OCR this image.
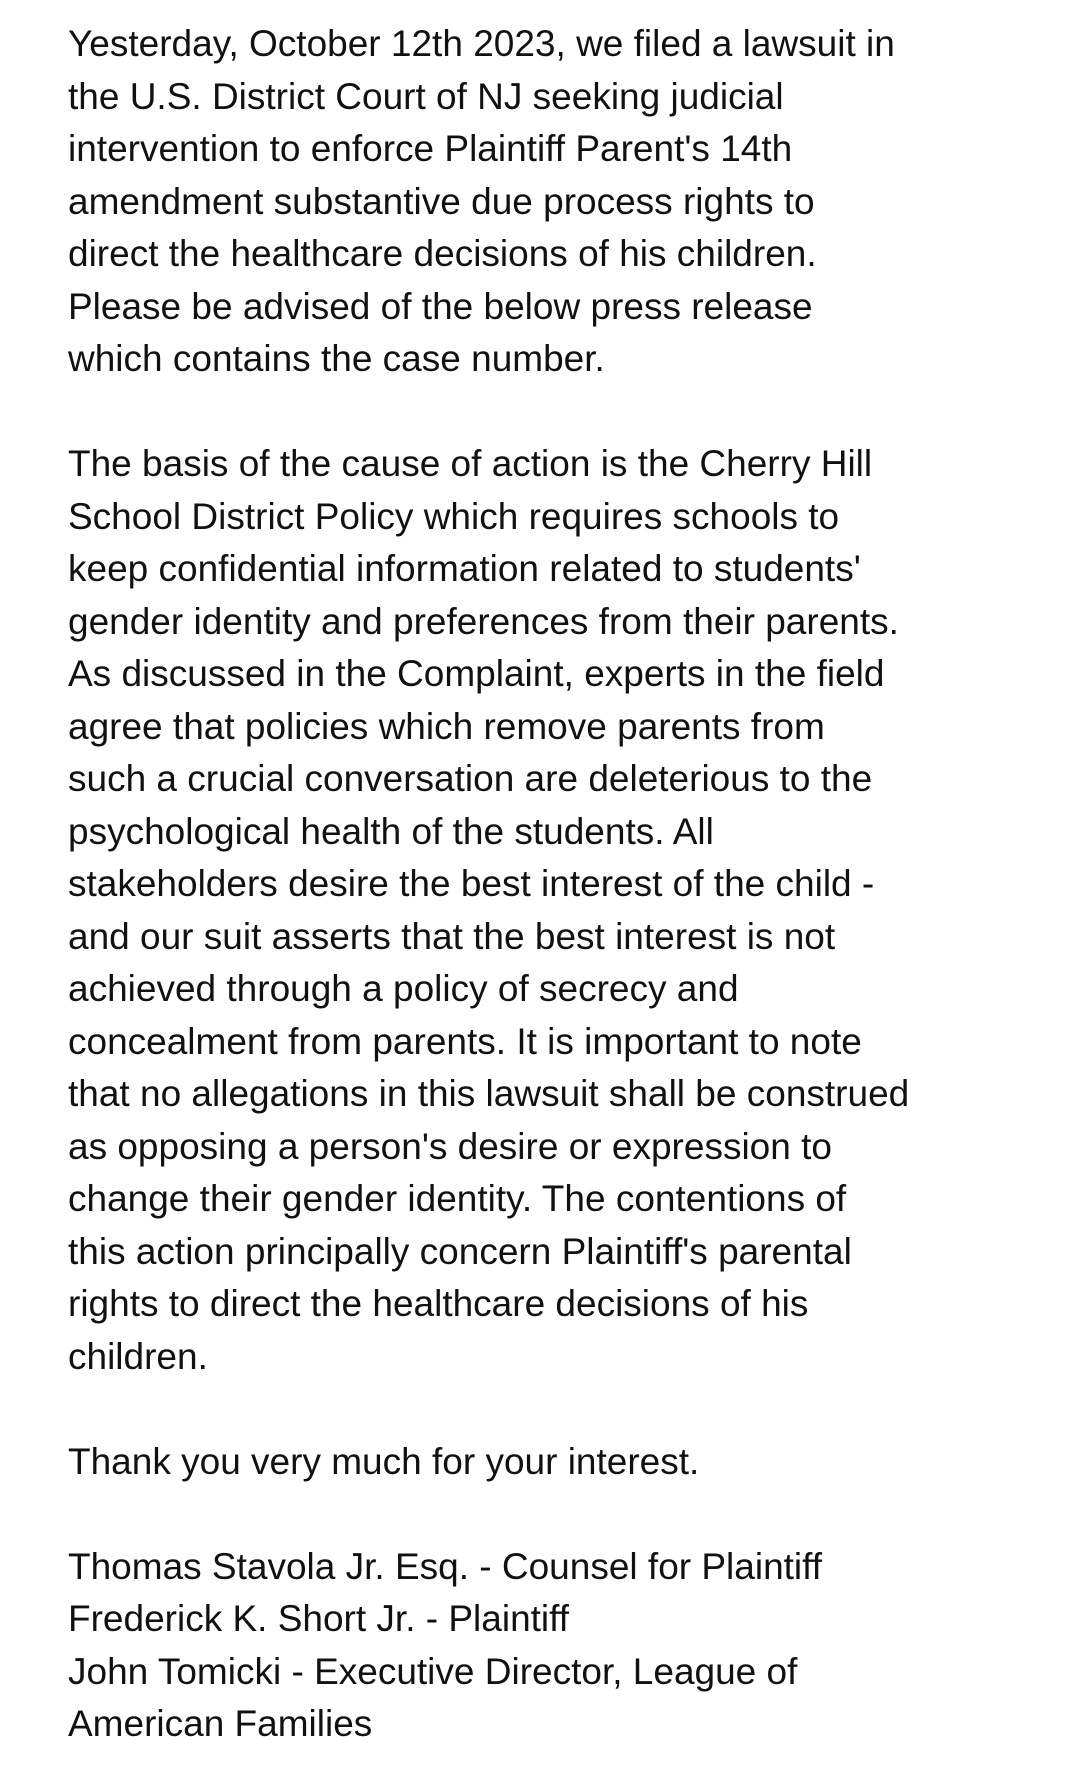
Yesterday, October 12th 2023, we filed a lawsuit in
the U.S. District Court of NJ seeking judicial
intervention to enforce Plaintiff Parent's 14th
amendment substantive due process rights to
direct the healthcare decisions of his children.
Please be advised of the below press release
which contains the case number.
The basis of the cause of action is the Cherry Hill
School District Policy which requires schools to
keep confidential information related to students'
gender identity and preferences from their parents.
As discussed in the Complaint, experts in the field
agree that policies which remove parents from
such a crucial conversation are deleterious to the
psychological health of the students. All
stakeholders desire the best interest of the child -
and our suit asserts that the best interest is not
achieved through a policy of secrecy and
concealment from parents. It is important to note
that no allegations in this lawsuit shall be construed
as opposing a person's desire or expression to
change their gender identity. The contentions of
this action principally concern Plaintiff's parental
rights to direct the healthcare decisions of his
children.
Thank you very much for your interest.
Thomas Stavola Jr. Esq. - Counsel for Plaintiff
Frederick K. Short Jr. - Plaintiff
John Tomicki - Executive Director, League of
American Families
